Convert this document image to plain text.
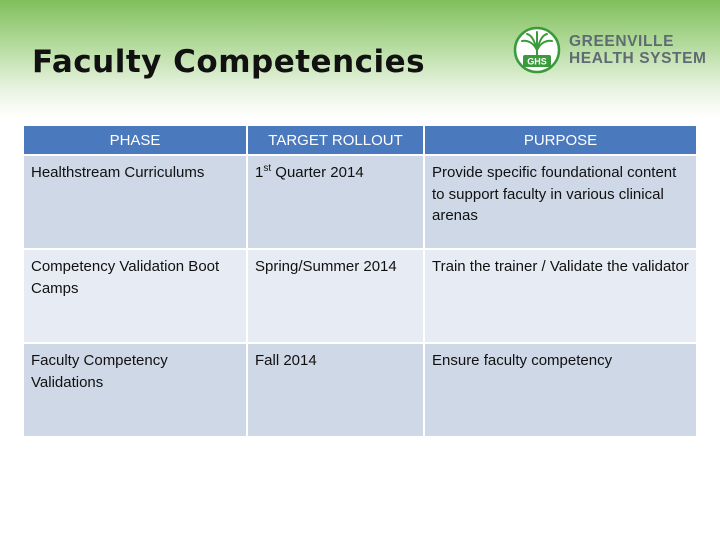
Faculty Competencies	GHS
GREENVILLE
HEALTH SYSTEM
PHASE	TARGET ROLLOUT	PURPOSE
Healthstream Curriculums	1st Quarter 2014	Provide specific foundational content to support faculty in various clinical arenas
Competency Validation Boot Camps	Spring/Summer 2014	Train the trainer / Validate the validator
Faculty Competency Validations	Fall 2014	Ensure faculty competency
